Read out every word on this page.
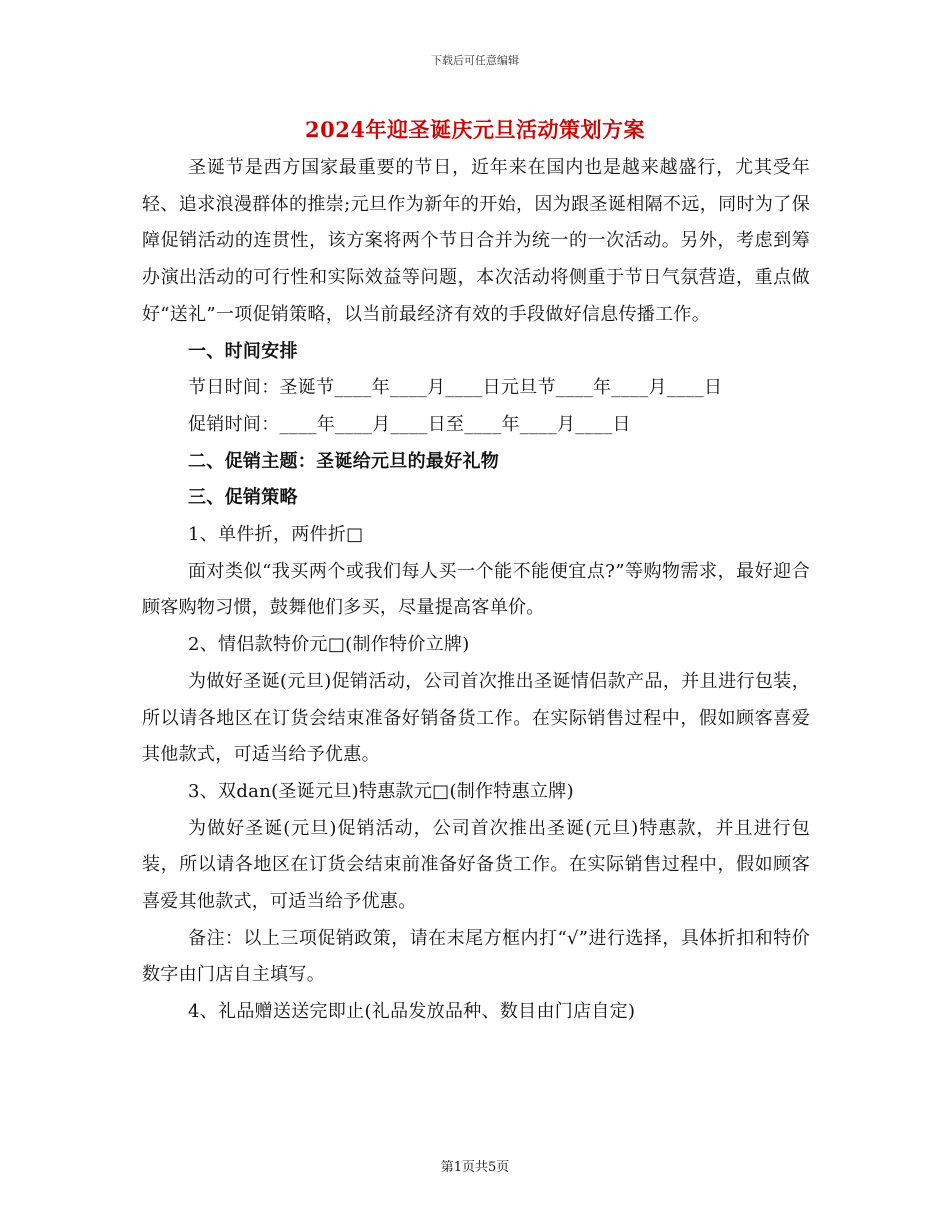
下载后可任意编辑
2024年迎圣诞庆元旦活动策划方案

圣诞节是西方国家最重要的节日，近年来在国内也是越来越盛行，尤其受年轻、追求浪漫群体的推崇;元旦作为新年的开始，因为跟圣诞相隔不远，同时为了保障促销活动的连贯性，该方案将两个节日合并为统一的一次活动。另外，考虑到筹办演出活动的可行性和实际效益等问题，本次活动将侧重于节日气氛营造，重点做好“送礼”一项促销策略，以当前最经济有效的手段做好信息传播工作。

一、时间安排

节日时间：圣诞节____年____月____日元旦节____年____月____日

促销时间：____年____月____日至____年____月____日

二、促销主题：圣诞给元旦的最好礼物

三、促销策略

1、单件折，两件折□

面对类似“我买两个或我们每人买一个能不能便宜点?”等购物需求，最好迎合顾客购物习惯，鼓舞他们多买，尽量提高客单价。

2、情侣款特价元□(制作特价立牌)

为做好圣诞(元旦)促销活动，公司首次推出圣诞情侣款产品，并且进行包装，所以请各地区在订货会结束准备好销备货工作。在实际销售过程中，假如顾客喜爱其他款式，可适当给予优惠。

3、双dan(圣诞元旦)特惠款元□(制作特惠立牌)

为做好圣诞(元旦)促销活动，公司首次推出圣诞(元旦)特惠款，并且进行包装，所以请各地区在订货会结束前准备好备货工作。在实际销售过程中，假如顾客喜爱其他款式，可适当给予优惠。

备注：以上三项促销政策，请在末尾方框内打“√”进行选择，具体折扣和特价数字由门店自主填写。

4、礼品赠送送完即止(礼品发放品种、数目由门店自定)

第1页共5页
